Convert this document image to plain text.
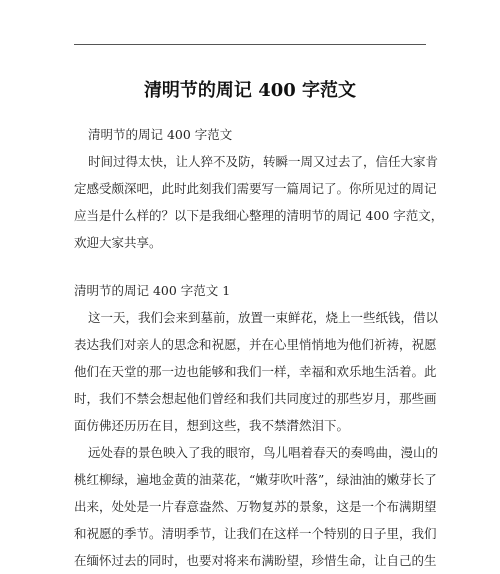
清明节的周记 400 字范文
清明节的周记 400 字范文
时间过得太快，让人猝不及防，转瞬一周又过去了，信任大家肯
定感受颇深吧，此时此刻我们需要写一篇周记了。你所见过的周记
应当是什么样的？以下是我细心整理的清明节的周记 400 字范文，
欢迎大家共享。
清明节的周记 400 字范文 1
这一天，我们会来到墓前，放置一束鲜花，烧上一些纸钱，借以
表达我们对亲人的思念和祝愿，并在心里悄悄地为他们祈祷，祝愿
他们在天堂的那一边也能够和我们一样，幸福和欢乐地生活着。此
时，我们不禁会想起他们曾经和我们共同度过的那些岁月，那些画
面仿佛还历历在目，想到这些，我不禁潸然泪下。
远处春的景色映入了我的眼帘，鸟儿唱着春天的奏鸣曲，漫山的
桃红柳绿，遍地金黄的油菜花，“嫩芽吹叶落”，绿油油的嫩芽长了
出来，处处是一片春意盎然、万物复苏的景象，这是一个布满期望
和祝愿的季节。清明季节，让我们在这样一个特别的日子里，我们
在缅怀过去的同时，也要对将来布满盼望，珍惜生命，让自己的生
